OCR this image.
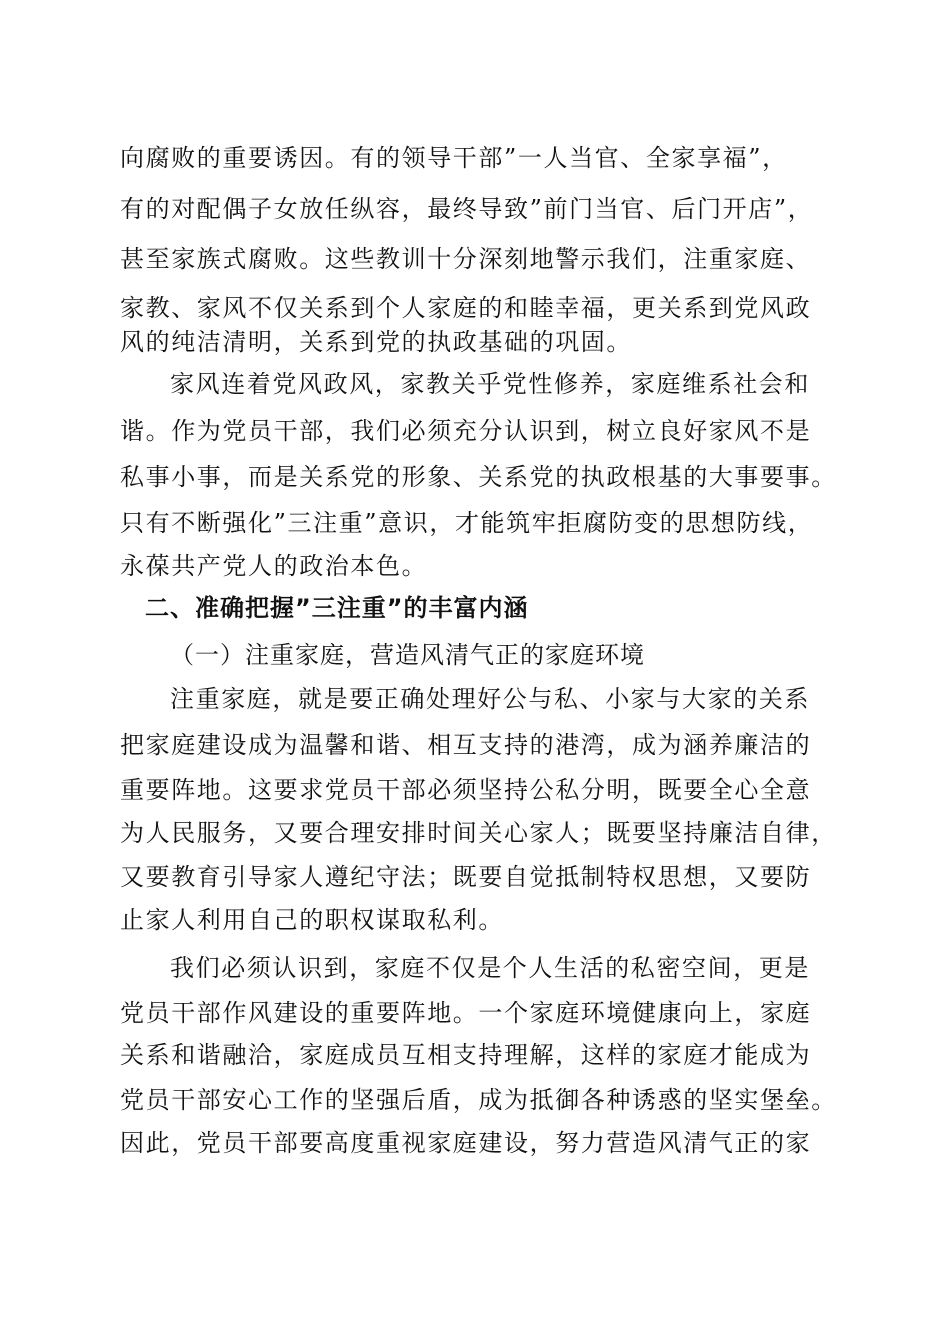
向腐败的重要诱因。有的领导干部”一人当官、全家享福”，
有的对配偶子女放任纵容，最终导致”前门当官、后门开店”，
甚至家族式腐败。这些教训十分深刻地警示我们，注重家庭、
家教、家风不仅关系到个人家庭的和睦幸福，更关系到党风政
风的纯洁清明，关系到党的执政基础的巩固。
家风连着党风政风，家教关乎党性修养，家庭维系社会和
谐。作为党员干部，我们必须充分认识到，树立良好家风不是
私事小事，而是关系党的形象、关系党的执政根基的大事要事。
只有不断强化”三注重”意识，才能筑牢拒腐防变的思想防线，
永葆共产党人的政治本色。
二、准确把握”三注重”的丰富内涵
（一）注重家庭，营造风清气正的家庭环境
注重家庭，就是要正确处理好公与私、小家与大家的关系
把家庭建设成为温馨和谐、相互支持的港湾，成为涵养廉洁的
重要阵地。这要求党员干部必须坚持公私分明，既要全心全意
为人民服务，又要合理安排时间关心家人；既要坚持廉洁自律，
又要教育引导家人遵纪守法；既要自觉抵制特权思想，又要防
止家人利用自己的职权谋取私利。
我们必须认识到，家庭不仅是个人生活的私密空间，更是
党员干部作风建设的重要阵地。一个家庭环境健康向上，家庭
关系和谐融洽，家庭成员互相支持理解，这样的家庭才能成为
党员干部安心工作的坚强后盾，成为抵御各种诱惑的坚实堡垒。
因此，党员干部要高度重视家庭建设，努力营造风清气正的家
